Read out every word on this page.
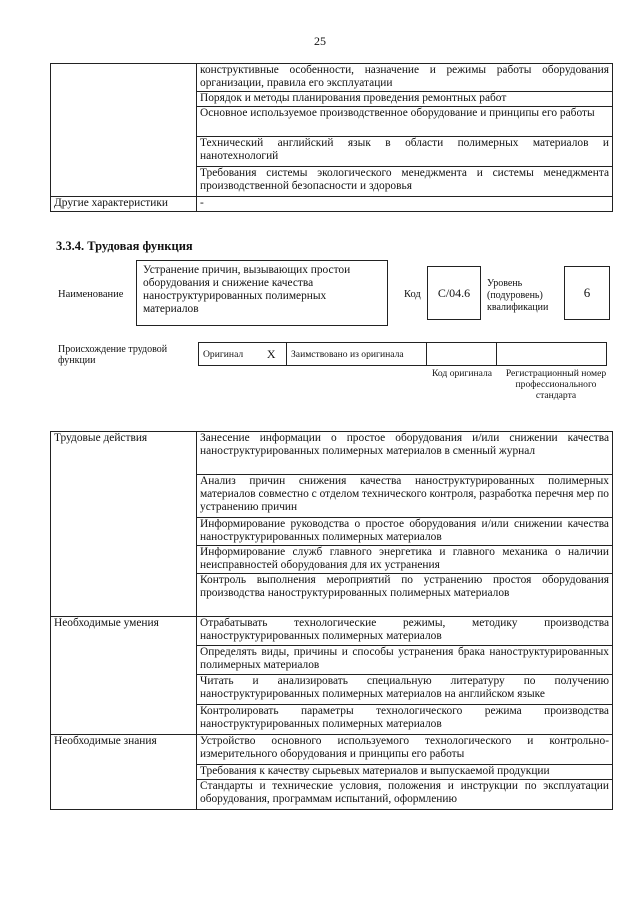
25
	конструктивные особенности, назначение и режимы работы оборудования организации, правила его эксплуатации
	Порядок и методы планирования проведения ремонтных работ
	Основное используемое производственное оборудование и принципы его работы
	Технический английский язык в области полимерных материалов и нанотехнологий
	Требования системы экологического менеджмента и системы менеджмента производственной безопасности и здоровья
Другие характеристики	-
3.3.4. Трудовая функция
Наименование
Устранение причин, вызывающих простои оборудования и снижение качества наноструктурированных полимерных материалов
Код	C/04.6
Уровень (подуровень) квалификации
6
Происхождение трудовой функции
Оригинал	X	Заимствовано из оригинала		
Код оригинала Регистрационный номер профессионального стандарта
Трудовые действия	Занесение информации о простое оборудования и/или снижении качества наноструктурированных полимерных материалов в сменный журнал
	Анализ причин снижения качества наноструктурированных полимерных материалов совместно с отделом технического контроля, разработка перечня мер по устранению причин
	Информирование руководства о простое оборудования и/или снижении качества наноструктурированных полимерных материалов
	Информирование служб главного энергетика и главного механика о наличии неисправностей оборудования для их устранения
	Контроль выполнения мероприятий по устранению простоя оборудования производства наноструктурированных полимерных материалов
Необходимые умения	Отрабатывать технологические режимы, методику производства наноструктурированных полимерных материалов
	Определять виды, причины и способы устранения брака наноструктурированных полимерных материалов
	Читать и анализировать специальную литературу по получению наноструктурированных полимерных материалов на английском языке
	Контролировать параметры технологического режима производства наноструктурированных полимерных материалов
Необходимые знания	Устройство основного используемого технологического и контрольно-измерительного оборудования и принципы его работы
	Требования к качеству сырьевых материалов и выпускаемой продукции
	Стандарты и технические условия, положения и инструкции по эксплуатации оборудования, программам испытаний, оформлению
